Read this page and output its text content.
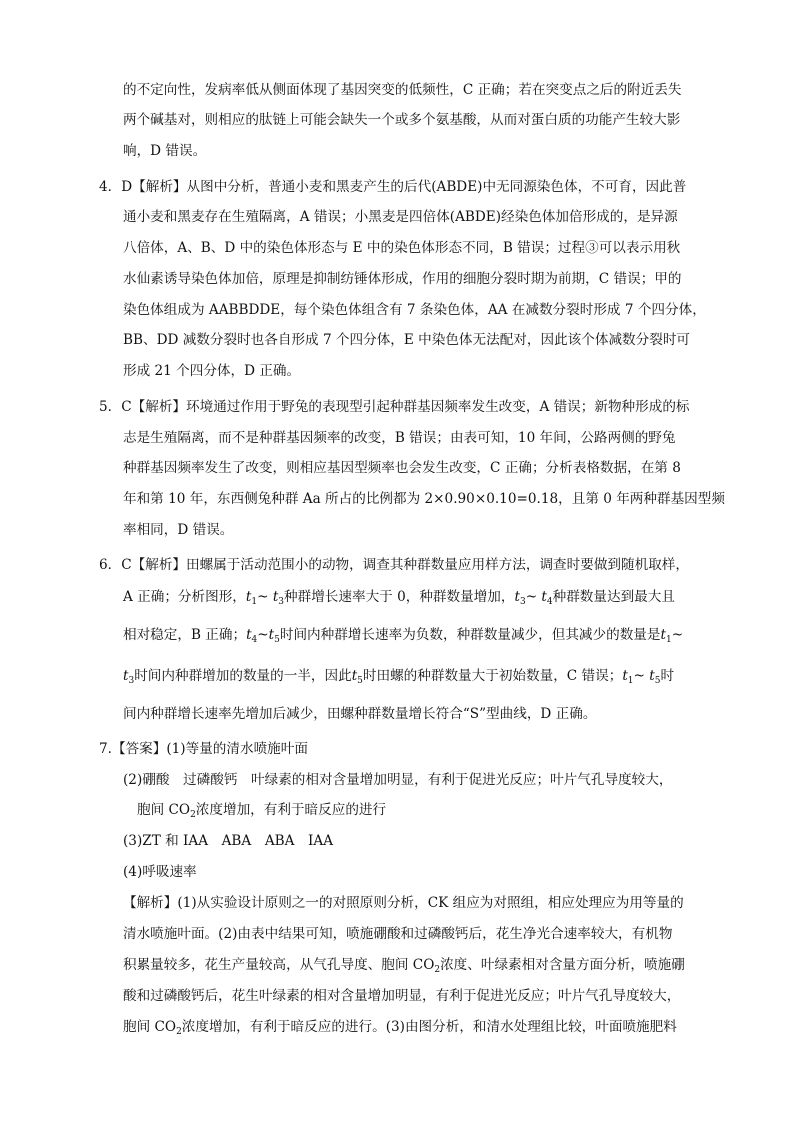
的不定向性，发病率低从侧面体现了基因突变的低频性，C 正确；若在突变点之后的附近丢失
两个碱基对，则相应的肽链上可能会缺失一个或多个氨基酸，从而对蛋白质的功能产生较大影
响，D 错误。
4．D【解析】从图中分析，普通小麦和黑麦产生的后代(ABDE)中无同源染色体，不可育，因此普
通小麦和黑麦存在生殖隔离，A 错误；小黑麦是四倍体(ABDE)经染色体加倍形成的，是异源
八倍体，A、B、D 中的染色体形态与 E 中的染色体形态不同，B 错误；过程③可以表示用秋
水仙素诱导染色体加倍，原理是抑制纺锤体形成，作用的细胞分裂时期为前期，C 错误；甲的
染色体组成为 AABBDDE，每个染色体组含有 7 条染色体，AA 在减数分裂时形成 7 个四分体，
BB、DD 减数分裂时也各自形成 7 个四分体，E 中染色体无法配对，因此该个体减数分裂时可
形成 21 个四分体，D 正确。
5．C【解析】环境通过作用于野兔的表现型引起种群基因频率发生改变，A 错误；新物种形成的标
志是生殖隔离，而不是种群基因频率的改变，B 错误；由表可知，10 年间，公路两侧的野兔
种群基因频率发生了改变，则相应基因型频率也会发生改变，C 正确；分析表格数据，在第 8
年和第 10 年，东西侧兔种群 Aa 所占的比例都为 2×0.90×0.10=0.18，且第 0 年两种群基因型频
率相同，D 错误。
6．C【解析】田螺属于活动范围小的动物，调查其种群数量应用样方法，调查时要做到随机取样，
A 正确；分析图形，$t_1\sim$ $t_3$种群增长速率大于 0，种群数量增加，$t_3\sim$ $t_4$种群数量达到最大且
相对稳定，B 正确；$t_4\sim t_5$时间内种群增长速率为负数，种群数量减少，但其减少的数量是$t_1\sim$
$t_3$时间内种群增加的数量的一半，因此$t_5$时田螺的种群数量大于初始数量，C 错误；$t_1\sim$ $t_5$时
间内种群增长速率先增加后减少，田螺种群数量增长符合“S”型曲线，D 正确。
7.【答案】(1)等量的清水喷施叶面
(2)硼酸　过磷酸钙　叶绿素的相对含量增加明显，有利于促进光反应；叶片气孔导度较大，
胞间 $CO_2$浓度增加，有利于暗反应的进行
(3)ZT 和 IAA　ABA　ABA　IAA
(4)呼吸速率
【解析】(1)从实验设计原则之一的对照原则分析，CK 组应为对照组，相应处理应为用等量的
清水喷施叶面。(2)由表中结果可知，喷施硼酸和过磷酸钙后，花生净光合速率较大，有机物
积累量较多，花生产量较高，从气孔导度、胞间 $CO_2$浓度、叶绿素相对含量方面分析，喷施硼
酸和过磷酸钙后，花生叶绿素的相对含量增加明显，有利于促进光反应；叶片气孔导度较大，
胞间 $CO_2$浓度增加，有利于暗反应的进行。(3)由图分析，和清水处理组比较，叶面喷施肥料
